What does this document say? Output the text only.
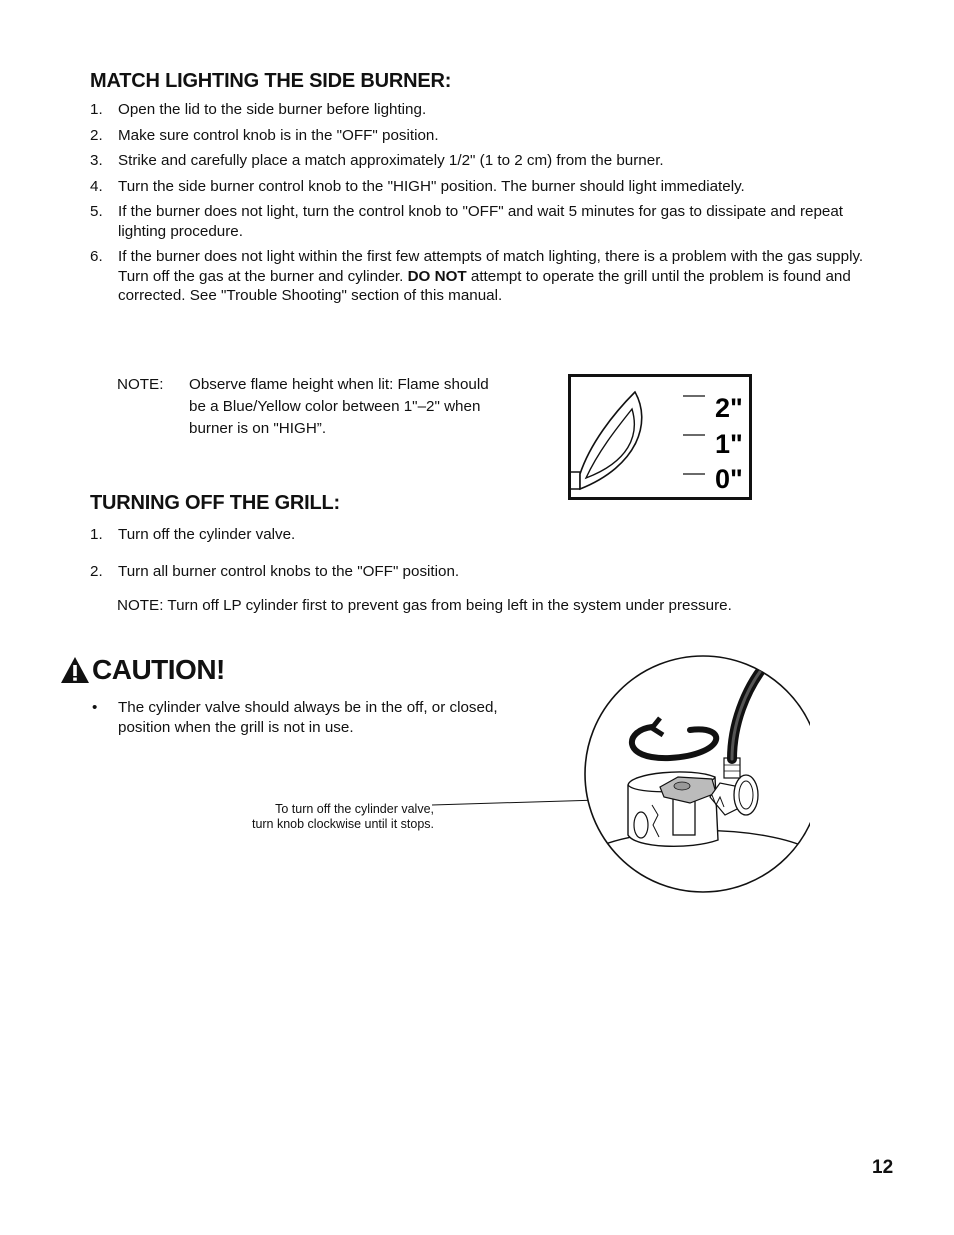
MATCH LIGHTING THE SIDE BURNER:
1. Open the lid to the side burner before lighting.
2. Make sure control knob is in the "OFF" position.
3. Strike and carefully place a match approximately 1/2" (1 to 2 cm) from the burner.
4. Turn the side burner control knob to the "HIGH" position. The burner should light immediately.
5. If the burner does not light, turn the control knob to "OFF" and wait 5 minutes for gas to dissipate and repeat lighting procedure.
6. If the burner does not light within the first few attempts of match lighting, there is a problem with the gas supply. Turn off the gas at the burner and cylinder. DO NOT attempt to operate the grill until the problem is found and corrected. See "Trouble Shooting" section of this manual.
NOTE: Observe flame height when lit: Flame should be a Blue/Yellow color between 1"–2" when burner is on "HIGH”.
2"
1"
0"
TURNING OFF THE GRILL:
1. Turn off the cylinder valve.
2. Turn all burner control knobs to the "OFF" position.
NOTE: Turn off LP cylinder first to prevent gas from being left in the system under pressure.
CAUTION!
• The cylinder valve should always be in the off, or closed, position when the grill is not in use.
To turn off the cylinder valve,
turn knob clockwise until it stops.
12
